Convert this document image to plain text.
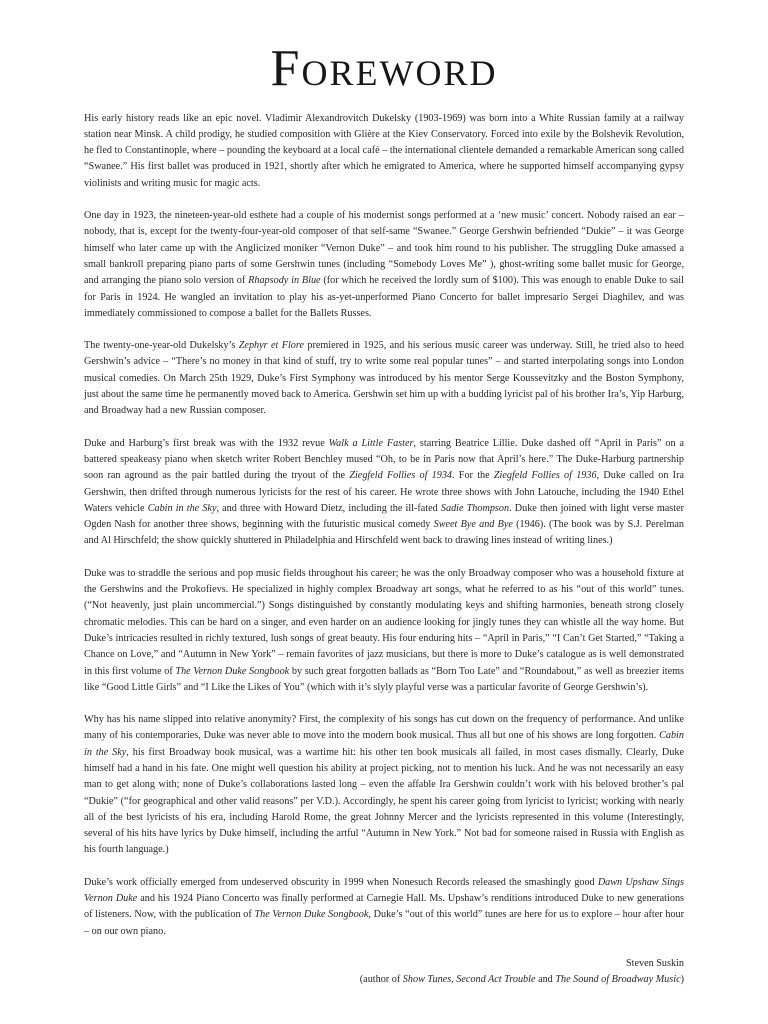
Foreword

His early history reads like an epic novel. Vladimir Alexandrovitch Dukelsky (1903-1969) was born into a White Russian family at a railway station near Minsk. A child prodigy, he studied composition with Glière at the Kiev Conservatory. Forced into exile by the Bolshevik Revolution, he fled to Constantinople, where – pounding the keyboard at a local café – the international clientele demanded a remarkable American song called “Swanee.” His first ballet was produced in 1921, shortly after which he emigrated to America, where he supported himself accompanying gypsy violinists and writing music for magic acts.

One day in 1923, the nineteen-year-old esthete had a couple of his modernist songs performed at a ‘new music’ concert. Nobody raised an ear – nobody, that is, except for the twenty-four-year-old composer of that self-same “Swanee.” George Gershwin befriended “Dukie” – it was George himself who later came up with the Anglicized moniker “Vernon Duke” – and took him round to his publisher. The struggling Duke amassed a small bankroll preparing piano parts of some Gershwin tunes (including “Somebody Loves Me” ), ghost-writing some ballet music for George, and arranging the piano solo version of Rhapsody in Blue (for which he received the lordly sum of $100). This was enough to enable Duke to sail for Paris in 1924. He wangled an invitation to play his as-yet-unperformed Piano Concerto for ballet impresario Sergei Diaghilev, and was immediately commissioned to compose a ballet for the Ballets Russes.

The twenty-one-year-old Dukelsky’s Zephyr et Flore premiered in 1925, and his serious music career was underway. Still, he tried also to heed Gershwin’s advice – “There’s no money in that kind of stuff, try to write some real popular tunes” – and started interpolating songs into London musical comedies. On March 25th 1929, Duke’s First Symphony was introduced by his mentor Serge Koussevitzky and the Boston Symphony, just about the same time he permanently moved back to America. Gershwin set him up with a budding lyricist pal of his brother Ira’s, Yip Harburg, and Broadway had a new Russian composer.

Duke and Harburg’s first break was with the 1932 revue Walk a Little Faster, starring Beatrice Lillie. Duke dashed off “April in Paris” on a battered speakeasy piano when sketch writer Robert Benchley mused “Oh, to be in Paris now that April’s here.” The Duke-Harburg partnership soon ran aground as the pair battled during the tryout of the Ziegfeld Follies of 1934. For the Ziegfeld Follies of 1936, Duke called on Ira Gershwin, then drifted through numerous lyricists for the rest of his career. He wrote three shows with John Latouche, including the 1940 Ethel Waters vehicle Cabin in the Sky, and three with Howard Dietz, including the ill-fated Sadie Thompson. Duke then joined with light verse master Ogden Nash for another three shows, beginning with the futuristic musical comedy Sweet Bye and Bye (1946). (The book was by S.J. Perelman and Al Hirschfeld; the show quickly shuttered in Philadelphia and Hirschfeld went back to drawing lines instead of writing lines.)

Duke was to straddle the serious and pop music fields throughout his career; he was the only Broadway composer who was a household fixture at the Gershwins and the Prokofievs. He specialized in highly complex Broadway art songs, what he referred to as his “out of this world” tunes. (“Not heavenly, just plain uncommercial.”) Songs distinguished by constantly modulating keys and shifting harmonies, beneath strong closely chromatic melodies. This can be hard on a singer, and even harder on an audience looking for jingly tunes they can whistle all the way home. But Duke’s intricacies resulted in richly textured, lush songs of great beauty. His four enduring hits – “April in Paris,” “I Can’t Get Started,” “Taking a Chance on Love,” and “Autumn in New York” – remain favorites of jazz musicians, but there is more to Duke’s catalogue as is well demonstrated in this first volume of The Vernon Duke Songbook by such great forgotten ballads as “Born Too Late” and “Roundabout,” as well as breezier items like “Good Little Girls” and “I Like the Likes of You” (which with it’s slyly playful verse was a particular favorite of George Gershwin’s).

Why has his name slipped into relative anonymity? First, the complexity of his songs has cut down on the frequency of performance. And unlike many of his contemporaries, Duke was never able to move into the modern book musical. Thus all but one of his shows are long forgotten. Cabin in the Sky, his first Broadway book musical, was a wartime hit: his other ten book musicals all failed, in most cases dismally. Clearly, Duke himself had a hand in his fate. One might well question his ability at project picking, not to mention his luck. And he was not necessarily an easy man to get along with; none of Duke’s collaborations lasted long – even the affable Ira Gershwin couldn’t work with his beloved brother’s pal “Dukie” (“for geographical and other valid reasons” per V.D.). Accordingly, he spent his career going from lyricist to lyricist; working with nearly all of the best lyricists of his era, including Harold Rome, the great Johnny Mercer and the lyricists represented in this volume (Interestingly, several of his hits have lyrics by Duke himself, including the artful “Autumn in New York.” Not bad for someone raised in Russia with English as his fourth language.)

Duke’s work officially emerged from undeserved obscurity in 1999 when Nonesuch Records released the smashingly good Dawn Upshaw Sings Vernon Duke and his 1924 Piano Concerto was finally performed at Carnegie Hall. Ms. Upshaw’s renditions introduced Duke to new generations of listeners. Now, with the publication of The Vernon Duke Songbook, Duke’s “out of this world” tunes are here for us to explore – hour after hour – on our own piano.

Steven Suskin
(author of Show Tunes, Second Act Trouble and The Sound of Broadway Music)
